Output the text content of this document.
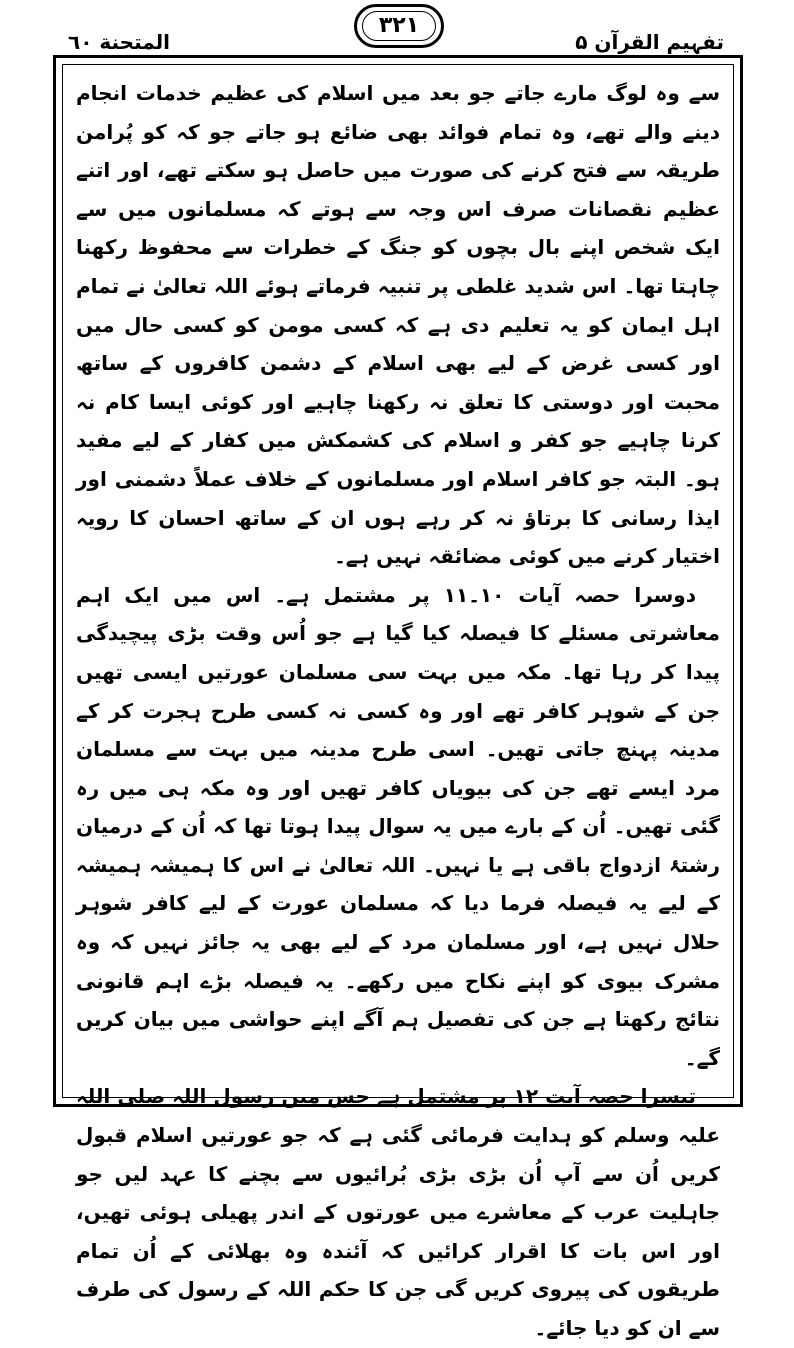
المتحنة ٦٠
٣٢١
تفہیم القرآن ۵

سے وہ لوگ مارے جاتے جو بعد میں اسلام کی عظیم خدمات انجام دینے والے تھے، وہ تمام فوائد بھی ضائع ہو جاتے جو کہ کو پُرامن طریقہ سے فتح کرنے کی صورت میں حاصل ہو سکتے تھے، اور اتنے عظیم نقصانات صرف اس وجہ سے ہوتے کہ مسلمانوں میں سے ایک شخص اپنے بال بچوں کو جنگ کے خطرات سے محفوظ رکھنا چاہتا تھا۔ اس شدید غلطی پر تنبیہ فرماتے ہوئے اللہ تعالیٰ نے تمام اہل ایمان کو یہ تعلیم دی ہے کہ کسی مومن کو کسی حال میں اور کسی غرض کے لیے بھی اسلام کے دشمن کافروں کے ساتھ محبت اور دوستی کا تعلق نہ رکھنا چاہیے اور کوئی ایسا کام نہ کرنا چاہیے جو کفر و اسلام کی کشمکش میں کفار کے لیے مفید ہو۔ البتہ جو کافر اسلام اور مسلمانوں کے خلاف عملاً دشمنی اور ایذا رسانی کا برتاؤ نہ کر رہے ہوں ان کے ساتھ احسان کا رویہ اختیار کرنے میں کوئی مضائقہ نہیں ہے۔

دوسرا حصہ آیات ۱۰۔۱۱ پر مشتمل ہے۔ اس میں ایک اہم معاشرتی مسئلے کا فیصلہ کیا گیا ہے جو اُس وقت بڑی پیچیدگی پیدا کر رہا تھا۔ مکہ میں بہت سی مسلمان عورتیں ایسی تھیں جن کے شوہر کافر تھے اور وہ کسی نہ کسی طرح ہجرت کر کے مدینہ پہنچ جاتی تھیں۔ اسی طرح مدینہ میں بہت سے مسلمان مرد ایسے تھے جن کی بیویاں کافر تھیں اور وہ مکہ ہی میں رہ گئی تھیں۔ اُن کے بارے میں یہ سوال پیدا ہوتا تھا کہ اُن کے درمیان رشتۂ ازدواج باقی ہے یا نہیں۔ اللہ تعالیٰ نے اس کا ہمیشہ ہمیشہ کے لیے یہ فیصلہ فرما دیا کہ مسلمان عورت کے لیے کافر شوہر حلال نہیں ہے، اور مسلمان مرد کے لیے بھی یہ جائز نہیں کہ وہ مشرک بیوی کو اپنے نکاح میں رکھے۔ یہ فیصلہ بڑے اہم قانونی نتائج رکھتا ہے جن کی تفصیل ہم آگے اپنے حواشی میں بیان کریں گے۔

تیسرا حصہ آیت ۱۲ پر مشتمل ہے جس میں رسول اللہ صلی اللہ علیہ وسلم کو ہدایت فرمائی گئی ہے کہ جو عورتیں اسلام قبول کریں اُن سے آپ اُن بڑی بڑی بُرائیوں سے بچنے کا عہد لیں جو جاہلیت عرب کے معاشرے میں عورتوں کے اندر پھیلی ہوئی تھیں، اور اس بات کا اقرار کرائیں کہ آئندہ وہ بھلائی کے اُن تمام طریقوں کی پیروی کریں گی جن کا حکم اللہ کے رسول کی طرف سے ان کو دیا جائے۔
